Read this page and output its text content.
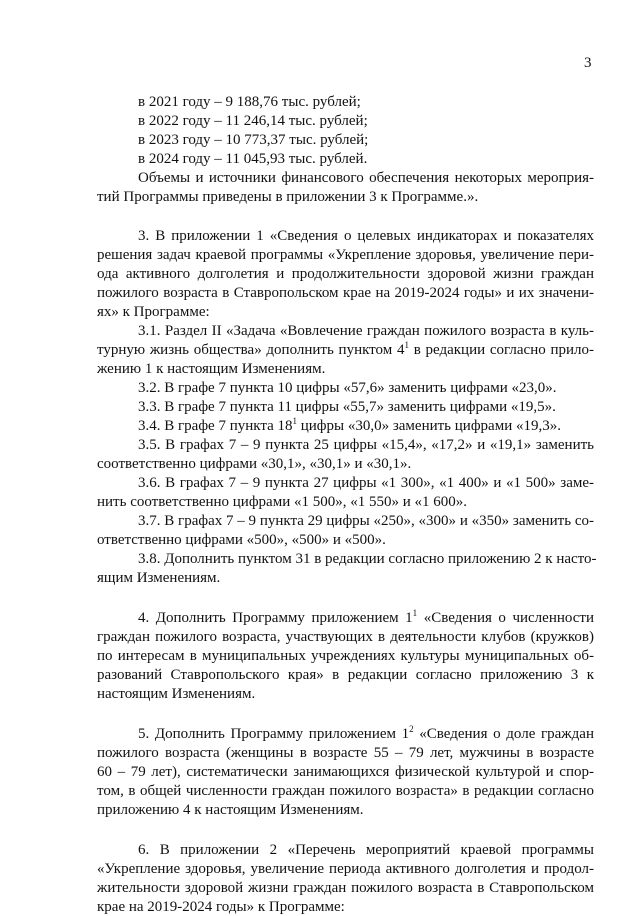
3
в 2021 году – 9 188,76 тыс. рублей;
в 2022 году – 11 246,14 тыс. рублей;
в 2023 году – 10 773,37 тыс. рублей;
в 2024 году – 11 045,93 тыс. рублей.
Объемы и источники финансового обеспечения некоторых мероприя-
тий Программы приведены в приложении 3 к Программе.».
3. В приложении 1 «Сведения о целевых индикаторах и показателях
решения задач краевой программы «Укрепление здоровья, увеличение пери-
ода активного долголетия и продолжительности здоровой жизни граждан
пожилого возраста в Ставропольском крае на 2019-2024 годы» и их значени-
ях» к Программе:
3.1. Раздел II «Задача «Вовлечение граждан пожилого возраста в куль-
турную жизнь общества» дополнить пунктом $4^1$ в редакции согласно прило-
жению 1 к настоящим Изменениям.
3.2. В графе 7 пункта 10 цифры «57,6» заменить цифрами «23,0».
3.3. В графе 7 пункта 11 цифры «55,7» заменить цифрами «19,5».
3.4. В графе 7 пункта $18^1$ цифры «30,0» заменить цифрами «19,3».
3.5. В графах 7 – 9 пункта 25 цифры «15,4», «17,2» и «19,1» заменить
соответственно цифрами «30,1», «30,1» и «30,1».
3.6. В графах 7 – 9 пункта 27 цифры «1 300», «1 400» и «1 500» заме-
нить соответственно цифрами «1 500», «1 550» и «1 600».
3.7. В графах 7 – 9 пункта 29 цифры «250», «300» и «350» заменить со-
ответственно цифрами «500», «500» и «500».
3.8. Дополнить пунктом 31 в редакции согласно приложению 2 к насто-
ящим Изменениям.
4. Дополнить Программу приложением $1^1$ «Сведения о численности
граждан пожилого возраста, участвующих в деятельности клубов (кружков)
по интересам в муниципальных учреждениях культуры муниципальных об-
разований Ставропольского края» в редакции согласно приложению 3 к
настоящим Изменениям.
5. Дополнить Программу приложением $1^2$ «Сведения о доле граждан
пожилого возраста (женщины в возрасте 55 – 79 лет, мужчины в возрасте
60 – 79 лет), систематически занимающихся физической культурой и спор-
том, в общей численности граждан пожилого возраста» в редакции согласно
приложению 4 к настоящим Изменениям.
6. В приложении 2 «Перечень мероприятий краевой программы
«Укрепление здоровья, увеличение периода активного долголетия и продол-
жительности здоровой жизни граждан пожилого возраста в Ставропольском
крае на 2019-2024 годы» к Программе:
